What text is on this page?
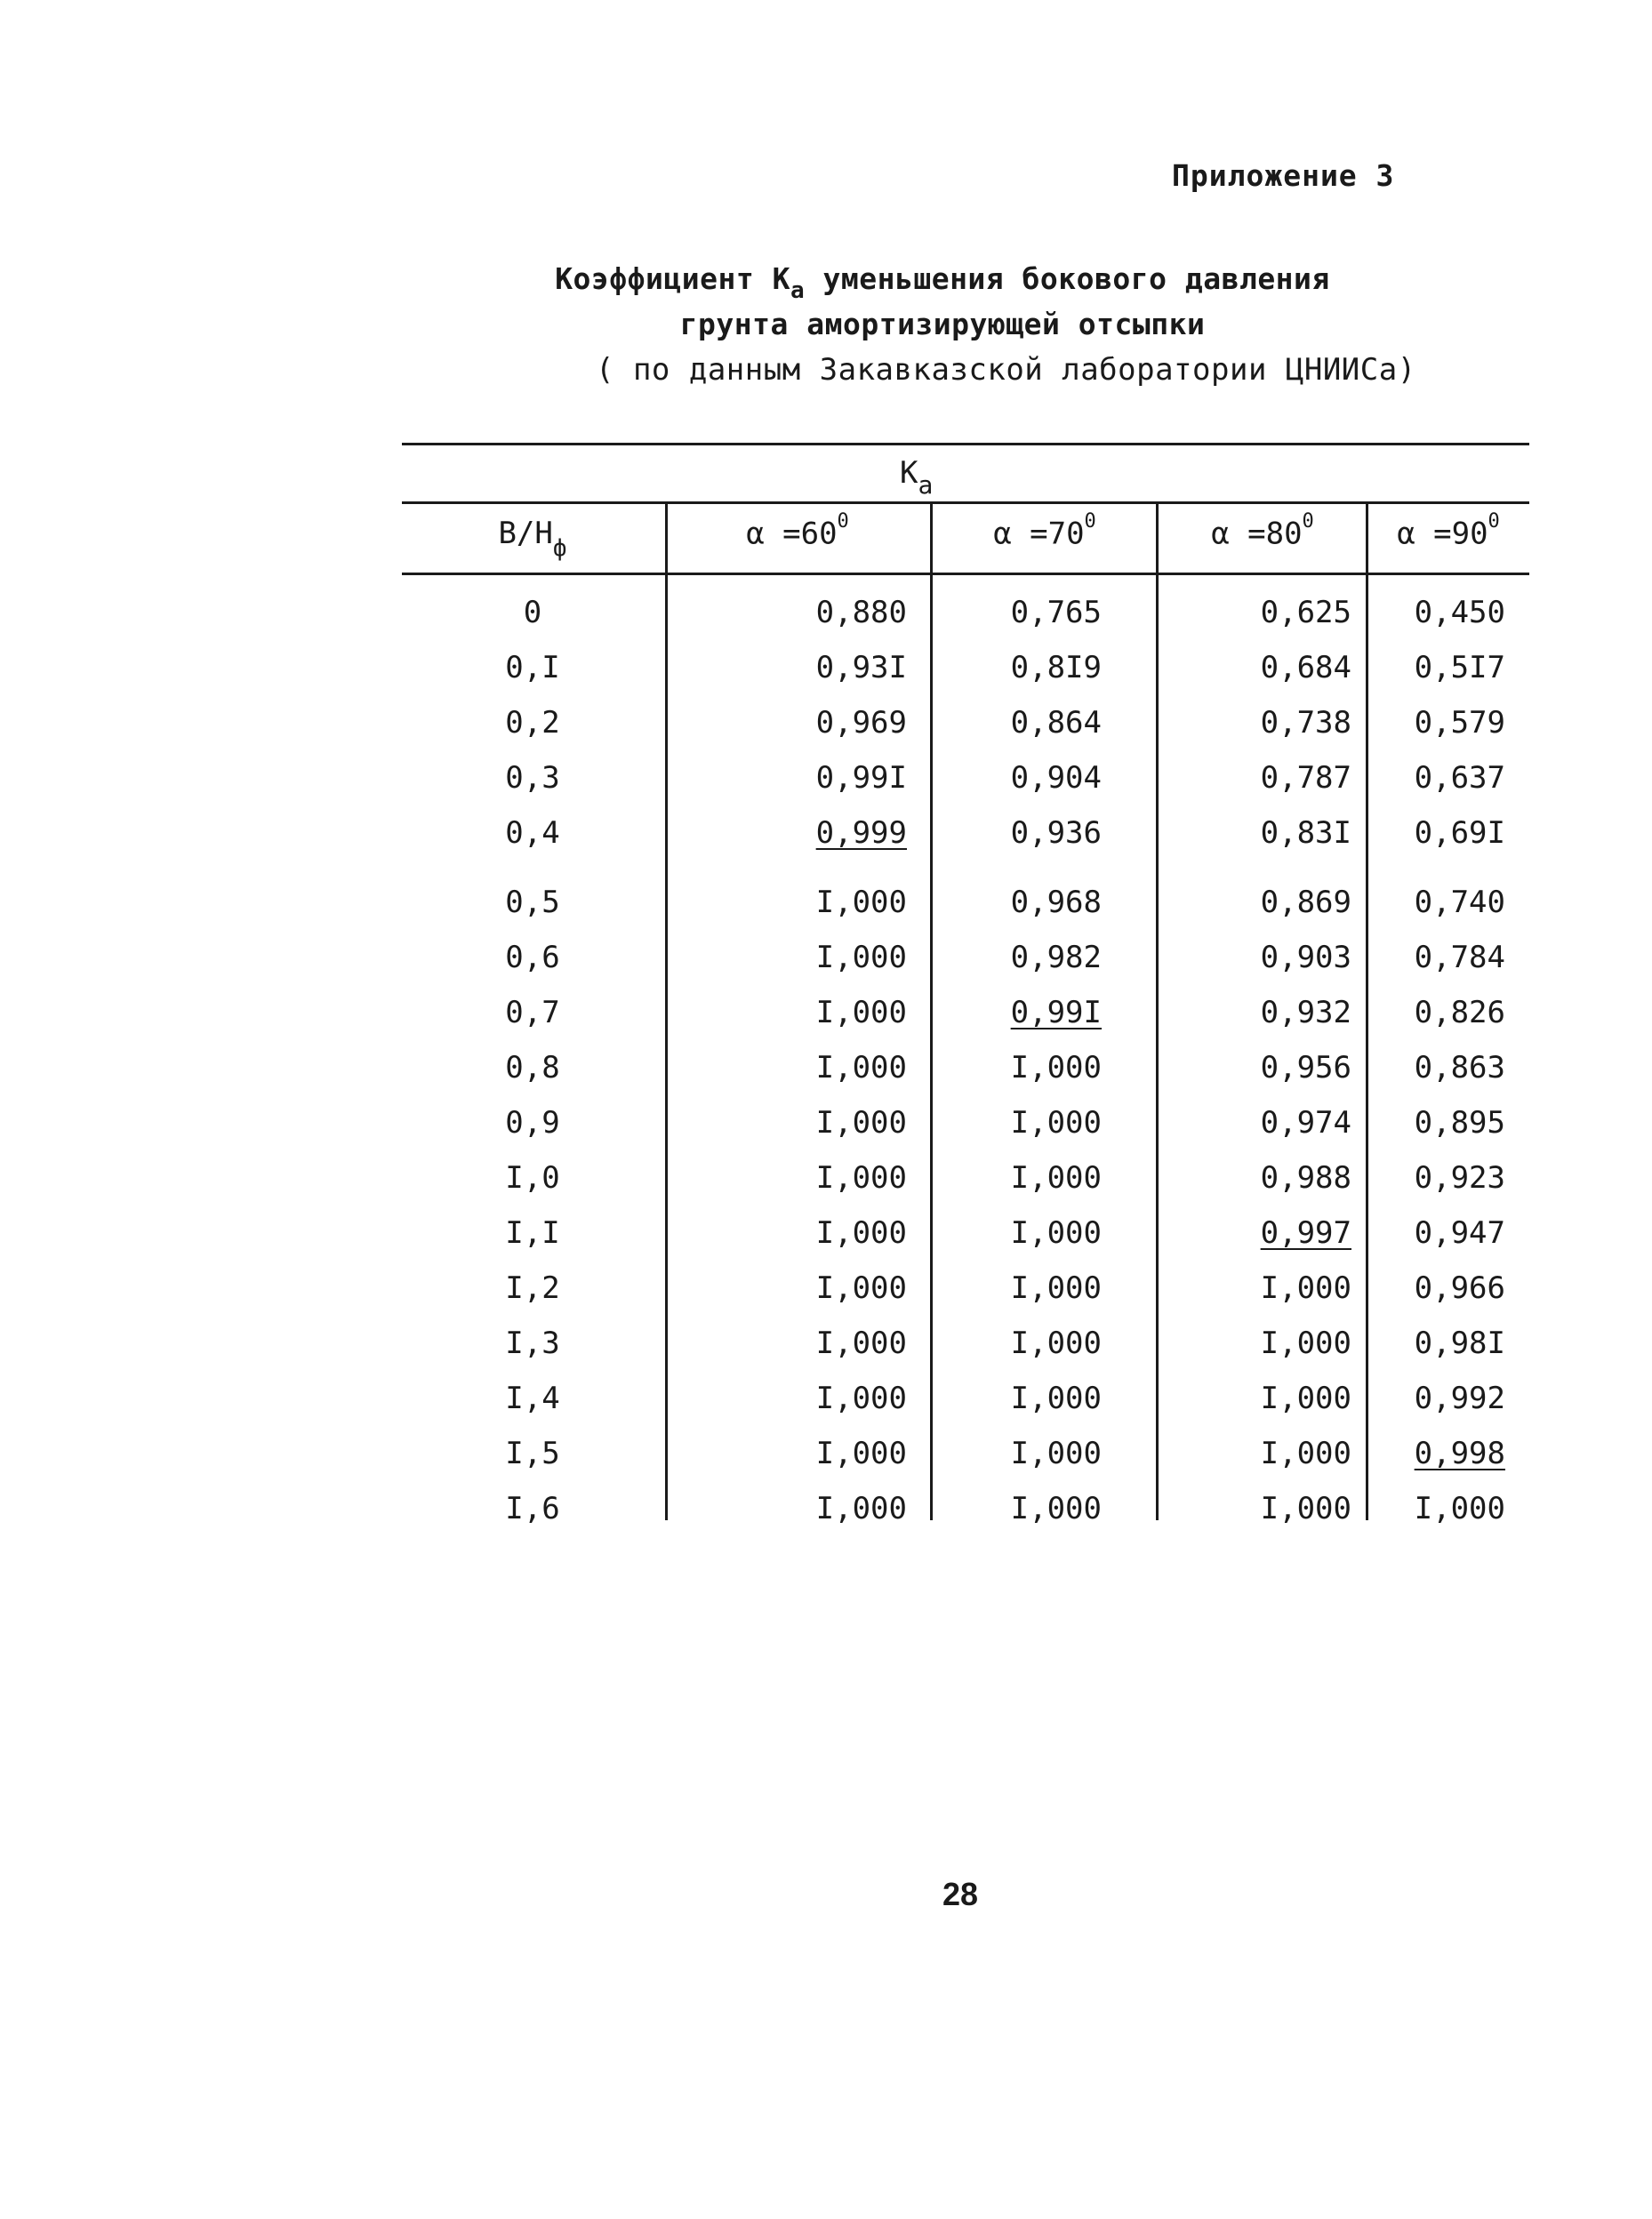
Приложение 3
Коэффициент $К_а$ уменьшения бокового давления
грунта амортизирующей отсыпки
( по данным Закавказской лаборатории ЦНИИСа)
$К_а$
$В/Н_ф$	$\alpha =60^0$	$\alpha =70^0$	$\alpha =80^0$	$\alpha =90^0$
0	0,880	0,765	0,625	0,450
0,I	0,93I	0,8I9	0,684	0,5I7
0,2	0,969	0,864	0,738	0,579
0,3	0,99I	0,904	0,787	0,637
0,4	0,999	0,936	0,83I	0,69I
0,5	I,000	0,968	0,869	0,740
0,6	I,000	0,982	0,903	0,784
0,7	I,000	0,99I	0,932	0,826
0,8	I,000	I,000	0,956	0,863
0,9	I,000	I,000	0,974	0,895
I,0	I,000	I,000	0,988	0,923
I,I	I,000	I,000	0,997	0,947
I,2	I,000	I,000	I,000	0,966
I,3	I,000	I,000	I,000	0,98I
I,4	I,000	I,000	I,000	0,992
I,5	I,000	I,000	I,000	0,998
I,6	I,000	I,000	I,000	I,000
28
